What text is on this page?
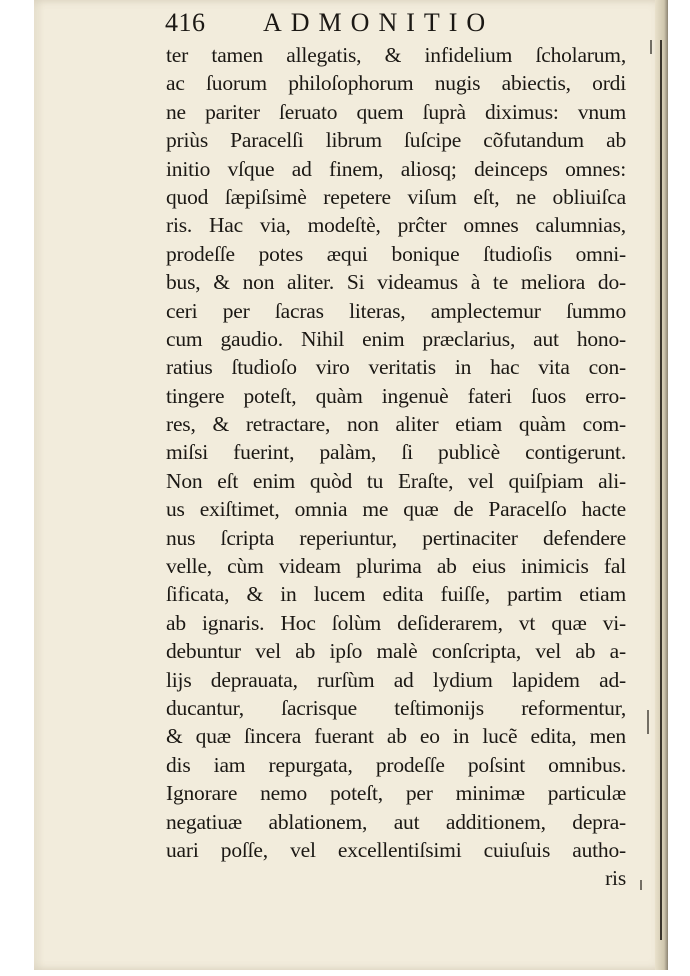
416 ADMONITIO
ter tamen allegatis, & infidelium ſcholarum,
ac ſuorum philoſophorum nugis abiectis, ordi
ne pariter ſeruato quem ſuprà diximus: vnum
priùs Paracelſi librum ſuſcipe cõfutandum ab
initio vſque ad finem, aliosq; deinceps omnes:
quod ſæpiſsimè repetere viſum eſt, ne obliuiſca
ris. Hac via, modeſtè, prĉter omnes calumnias,
prodeſſe potes æqui bonique ſtudioſis omni-
bus, & non aliter. Si videamus à te meliora do-
ceri per ſacras literas, amplectemur ſummo
cum gaudio. Nihil enim præclarius, aut hono-
ratius ſtudioſo viro veritatis in hac vita con-
tingere poteſt, quàm ingenuè fateri ſuos erro-
res, & retractare, non aliter etiam quàm com-
miſsi fuerint, palàm, ſi publicè contigerunt.
Non eſt enim quòd tu Eraſte, vel quiſpiam ali-
us exiſtimet, omnia me quæ de Paracelſo hacte
nus ſcripta reperiuntur, pertinaciter defendere
velle, cùm videam plurima ab eius inimicis fal
ſificata, & in lucem edita fuiſſe, partim etiam
ab ignaris. Hoc ſolùm deſiderarem, vt quæ vi-
debuntur vel ab ipſo malè conſcripta, vel ab a-
lijs deprauata, rurſùm ad lydium lapidem ad-
ducantur, ſacrisque teſtimonijs reformentur,
& quæ ſincera fuerant ab eo in lucẽ edita, men
dis iam repurgata, prodeſſe poſsint omnibus.
Ignorare nemo poteſt, per minimæ particulæ
negatiuæ ablationem, aut additionem, depra-
uari poſſe, vel excellentiſsimi cuiuſuis autho-
ris
